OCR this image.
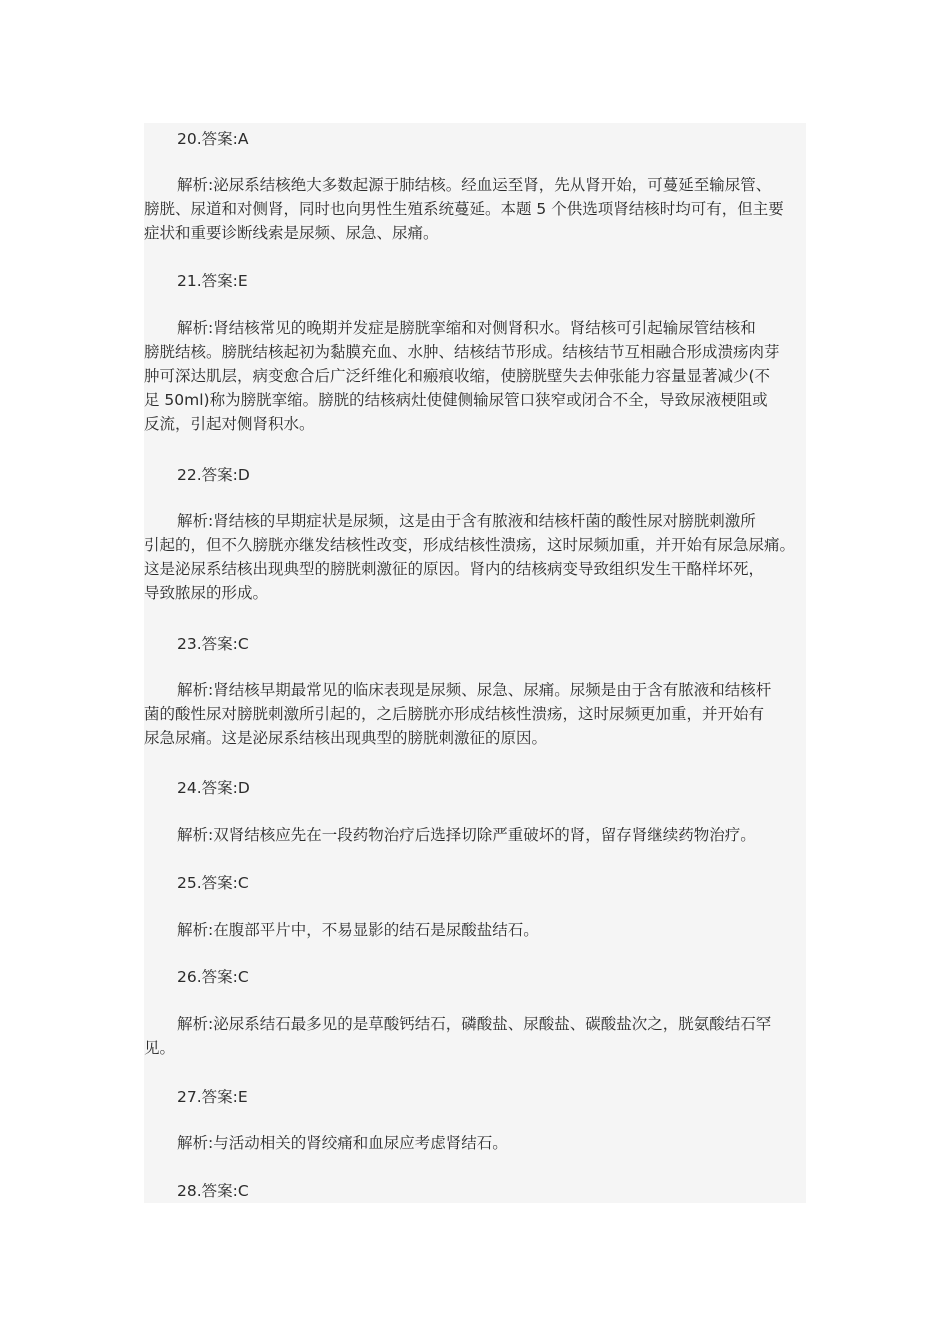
20.答案:A
解析:泌尿系结核绝大多数起源于肺结核。经血运至肾，先从肾开始，可蔓延至输尿管、
膀胱、尿道和对侧肾，同时也向男性生殖系统蔓延。本题 5 个供选项肾结核时均可有，但主要
症状和重要诊断线索是尿频、尿急、尿痛。
21.答案:E
解析:肾结核常见的晚期并发症是膀胱挛缩和对侧肾积水。肾结核可引起输尿管结核和
膀胱结核。膀胱结核起初为黏膜充血、水肿、结核结节形成。结核结节互相融合形成溃疡肉芽
肿可深达肌层，病变愈合后广泛纤维化和瘢痕收缩，使膀胱壁失去伸张能力容量显著减少(不
足 50ml)称为膀胱挛缩。膀胱的结核病灶使健侧输尿管口狭窄或闭合不全，导致尿液梗阻或
反流，引起对侧肾积水。
22.答案:D
解析:肾结核的早期症状是尿频，这是由于含有脓液和结核杆菌的酸性尿对膀胱刺激所
引起的，但不久膀胱亦继发结核性改变，形成结核性溃疡，这时尿频加重，并开始有尿急尿痛。
这是泌尿系结核出现典型的膀胱刺激征的原因。肾内的结核病变导致组织发生干酪样坏死，
导致脓尿的形成。
23.答案:C
解析:肾结核早期最常见的临床表现是尿频、尿急、尿痛。尿频是由于含有脓液和结核杆
菌的酸性尿对膀胱刺激所引起的，之后膀胱亦形成结核性溃疡，这时尿频更加重，并开始有
尿急尿痛。这是泌尿系结核出现典型的膀胱刺激征的原因。
24.答案:D
解析:双肾结核应先在一段药物治疗后选择切除严重破坏的肾，留存肾继续药物治疗。
25.答案:C
解析:在腹部平片中，不易显影的结石是尿酸盐结石。
26.答案:C
解析:泌尿系结石最多见的是草酸钙结石，磷酸盐、尿酸盐、碳酸盐次之，胱氨酸结石罕
见。
27.答案:E
解析:与活动相关的肾绞痛和血尿应考虑肾结石。
28.答案:C
